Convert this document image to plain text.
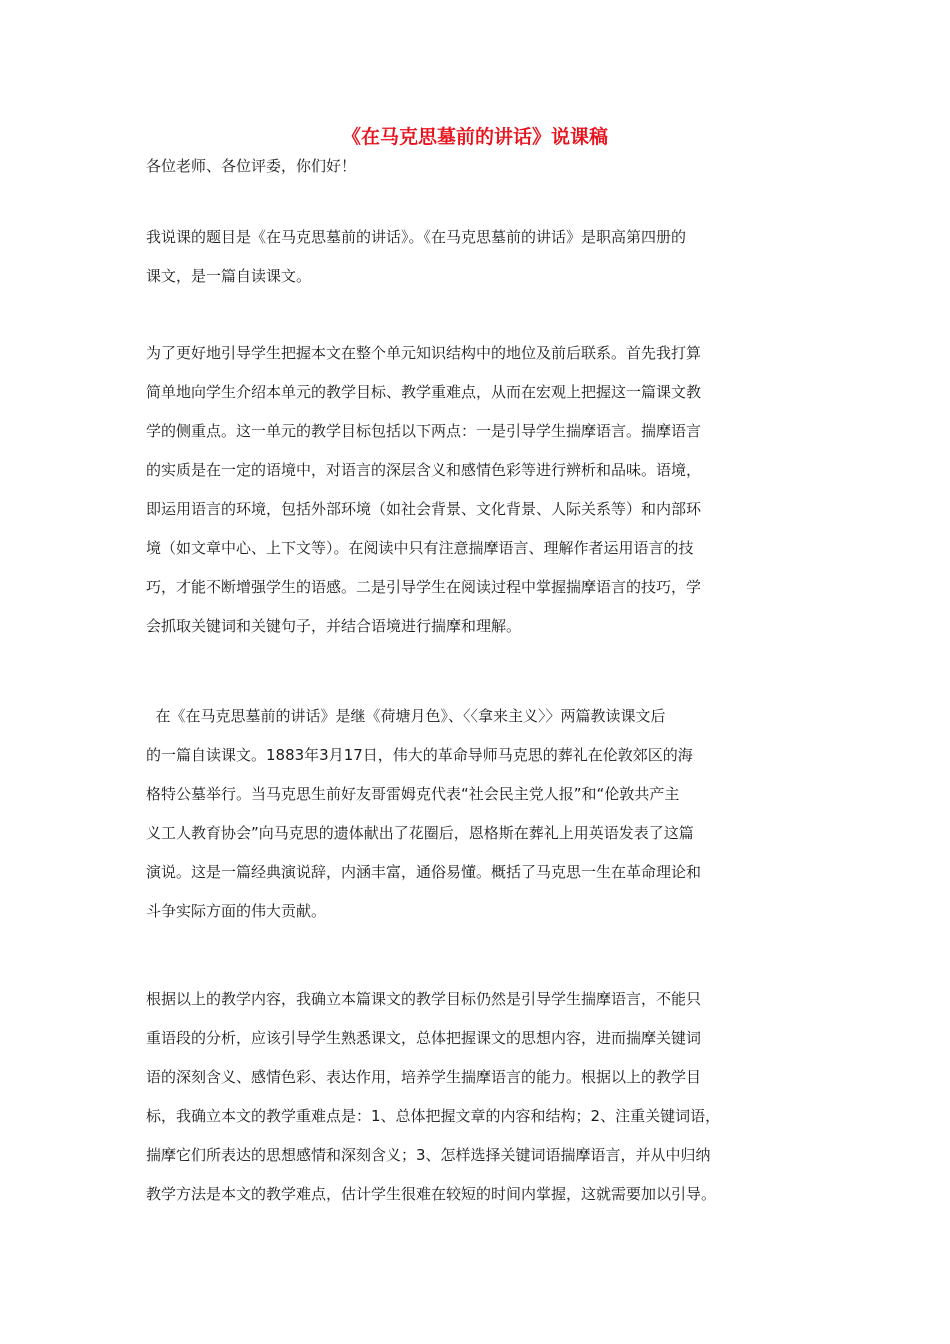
《在马克思墓前的讲话》说课稿

各位老师、各位评委，你们好！

我说课的题目是《在马克思墓前的讲话》。《在马克思墓前的讲话》是职高第四册的
课文，是一篇自读课文。

为了更好地引导学生把握本文在整个单元知识结构中的地位及前后联系。首先我打算
简单地向学生介绍本单元的教学目标、教学重难点，从而在宏观上把握这一篇课文教
学的侧重点。这一单元的教学目标包括以下两点：一是引导学生揣摩语言。揣摩语言
的实质是在一定的语境中，对语言的深层含义和感情色彩等进行辨析和品味。语境，
即运用语言的环境，包括外部环境（如社会背景、文化背景、人际关系等）和内部环
境（如文章中心、上下文等）。在阅读中只有注意揣摩语言、理解作者运用语言的技
巧，才能不断增强学生的语感。二是引导学生在阅读过程中掌握揣摩语言的技巧，学
会抓取关键词和关键句子，并结合语境进行揣摩和理解。

在《在马克思墓前的讲话》是继《荷塘月色》、〈〈拿来主义〉〉两篇教读课文后
的一篇自读课文。1883年3月17日，伟大的革命导师马克思的葬礼在伦敦郊区的海
格特公墓举行。当马克思生前好友哥雷姆克代表“社会民主党人报”和“伦敦共产主
义工人教育协会”向马克思的遗体献出了花圈后，恩格斯在葬礼上用英语发表了这篇
演说。这是一篇经典演说辞，内涵丰富，通俗易懂。概括了马克思一生在革命理论和
斗争实际方面的伟大贡献。

根据以上的教学内容，我确立本篇课文的教学目标仍然是引导学生揣摩语言，不能只
重语段的分析，应该引导学生熟悉课文，总体把握课文的思想内容，进而揣摩关键词
语的深刻含义、感情色彩、表达作用，培养学生揣摩语言的能力。根据以上的教学目
标，我确立本文的教学重难点是：1、总体把握文章的内容和结构；2、注重关键词语，
揣摩它们所表达的思想感情和深刻含义；3、怎样选择关键词语揣摩语言，并从中归纳
教学方法是本文的教学难点，估计学生很难在较短的时间内掌握，这就需要加以引导。
